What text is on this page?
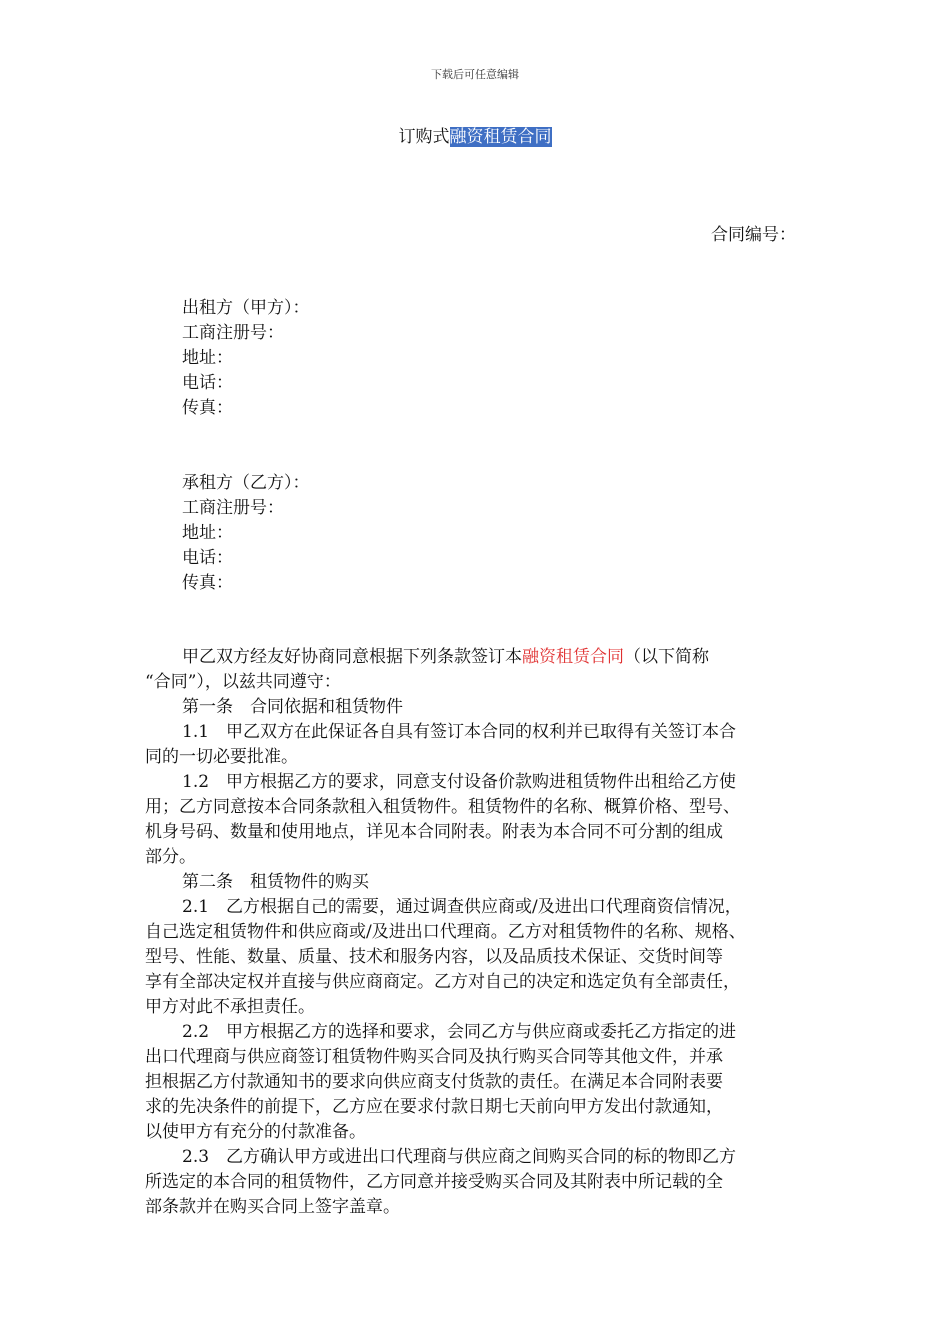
下载后可任意编辑
订购式融资租赁合同
合同编号：
出租方（甲方）：
工商注册号：
地址：
电话：
传真：
承租方（乙方）：
工商注册号：
地址：
电话：
传真：
甲乙双方经友好协商同意根据下列条款签订本融资租赁合同（以下简称
“合同”），以兹共同遵守：
第一条　合同依据和租赁物件
1.1　甲乙双方在此保证各自具有签订本合同的权利并已取得有关签订本合
同的一切必要批准。
1.2　甲方根据乙方的要求，同意支付设备价款购进租赁物件出租给乙方使
用；乙方同意按本合同条款租入租赁物件。租赁物件的名称、概算价格、型号、
机身号码、数量和使用地点，详见本合同附表。附表为本合同不可分割的组成
部分。
第二条　租赁物件的购买
2.1　乙方根据自己的需要，通过调查供应商或/及进出口代理商资信情况，
自己选定租赁物件和供应商或/及进出口代理商。乙方对租赁物件的名称、规格、
型号、性能、数量、质量、技术和服务内容，以及品质技术保证、交货时间等
享有全部决定权并直接与供应商商定。乙方对自己的决定和选定负有全部责任，
甲方对此不承担责任。
2.2　甲方根据乙方的选择和要求，会同乙方与供应商或委托乙方指定的进
出口代理商与供应商签订租赁物件购买合同及执行购买合同等其他文件，并承
担根据乙方付款通知书的要求向供应商支付货款的责任。在满足本合同附表要
求的先决条件的前提下，乙方应在要求付款日期七天前向甲方发出付款通知，
以使甲方有充分的付款准备。
2.3　乙方确认甲方或进出口代理商与供应商之间购买合同的标的物即乙方
所选定的本合同的租赁物件，乙方同意并接受购买合同及其附表中所记载的全
部条款并在购买合同上签字盖章。
